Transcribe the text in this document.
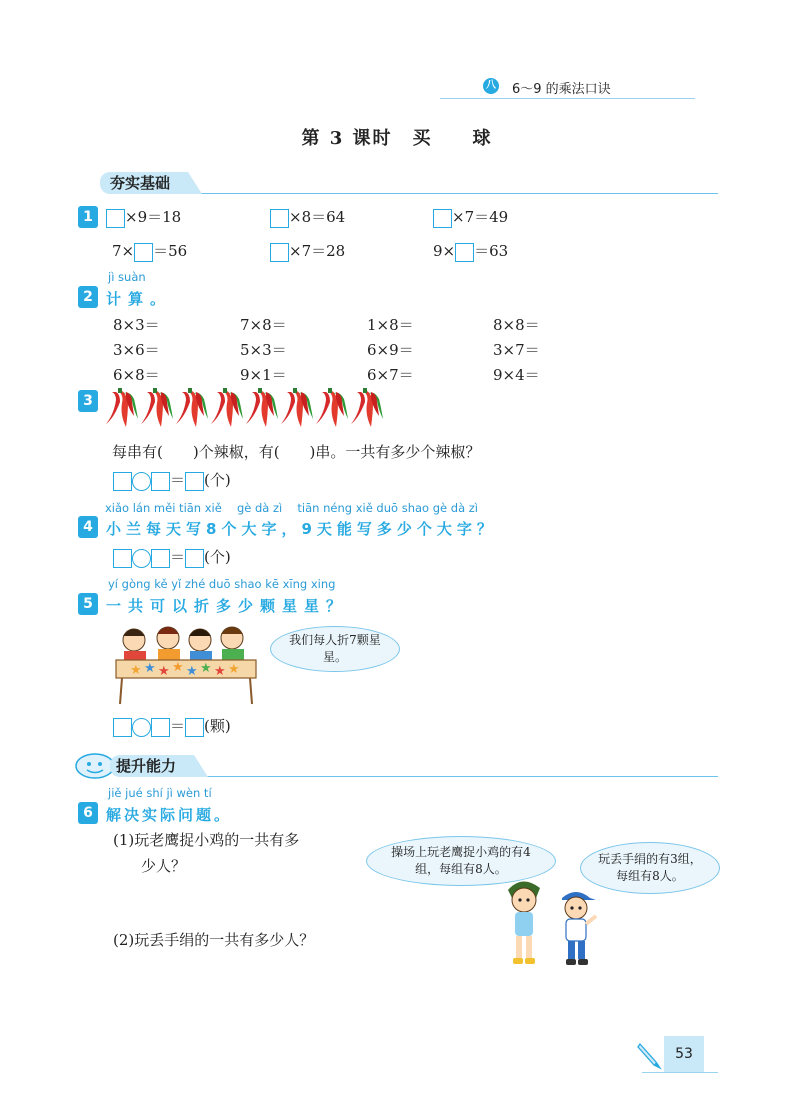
八 6～9 的乘法口诀
第 3 课时　买　　球
夯实基础
1	×9＝18	×8＝64	×7＝49
7× ＝56	×7＝28	9× ＝63
jì suàn
2 计算。
8×3＝	7×8＝	1×8＝	8×8＝
3×6＝	5×3＝	6×9＝	3×7＝
6×8＝	9×1＝	6×7＝	9×4＝
3
每串有(　　)个辣椒，有(　　)串。一共有多少个辣椒？
＝ (个)
xiǎo lán měi tiān xiě　 gè dà zì　 tiān néng xiě duō shao gè dà zì
4 小兰每天写8个大字，9天能写多少个大字？
＝ (个)
yí gòng kě yǐ zhé duō shao kē xīng xing
5 一共可以折多少颗星星？
★ ★ ★ ★ ★ ★ ★ ★
我们每人折7颗星星。
＝ (颗)
提升能力
jiě jué shí jì wèn tí
6 解决实际问题。
(1)玩老鹰捉小鸡的一共有多
少人？
(2)玩丢手绢的一共有多少人？
操场上玩老鹰捉小鸡的有4组，每组有8人。
玩丢手绢的有3组，每组有8人。
53
